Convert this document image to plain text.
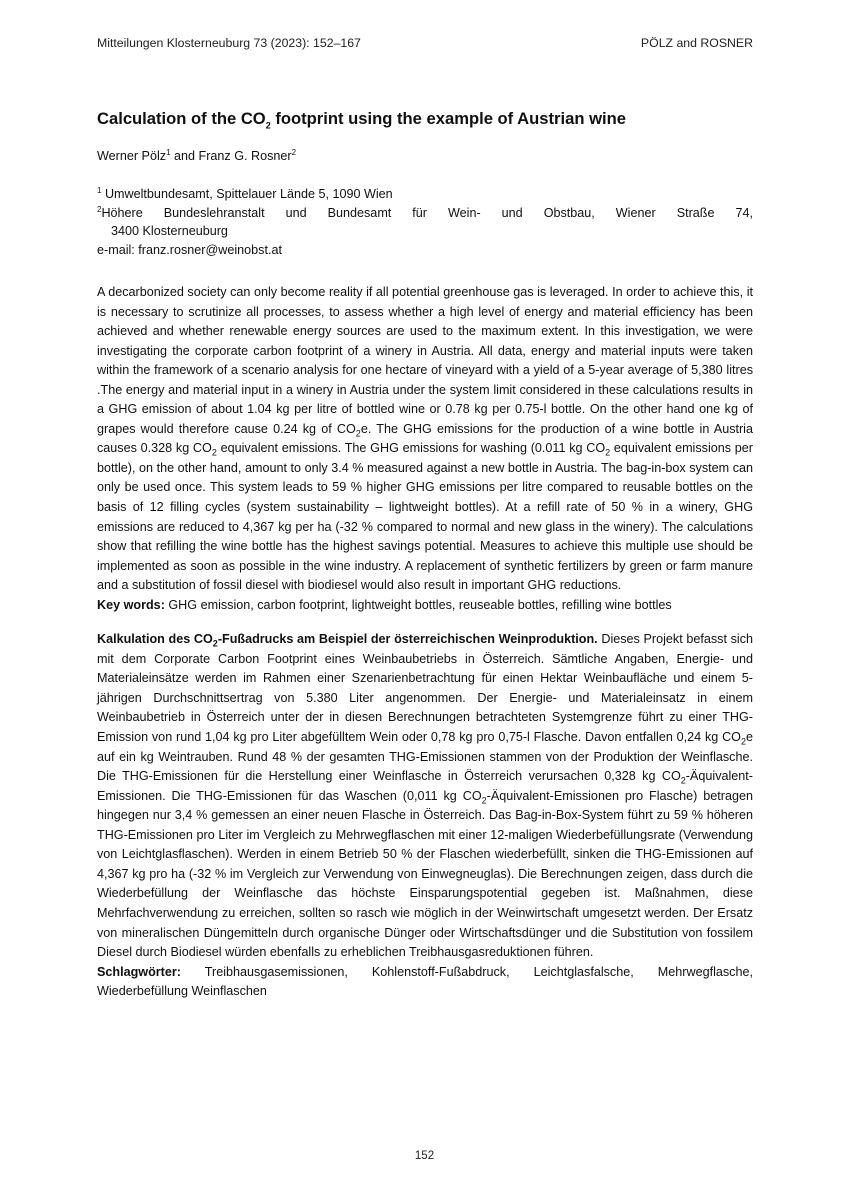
Mitteilungen Klosterneuburg 73 (2023): 152–167	PÖLZ and ROSNER
Calculation of the $CO_2$ footprint using the example of Austrian wine
Werner Pölz$^1$ and Franz G. Rosner$^2$
$^1$ Umweltbundesamt, Spittelauer Lände 5, 1090 Wien
$^2$Höhere Bundeslehranstalt und Bundesamt für Wein- und Obstbau, Wiener Straße 74,
3400 Klosterneuburg
e-mail: franz.rosner@weinobst.at
A decarbonized society can only become reality if all potential greenhouse gas is leveraged. In order to achieve this, it is necessary to scrutinize all processes, to assess whether a high level of energy and material efficiency has been achieved and whether renewable energy sources are used to the maximum extent. In this investigation, we were investigating the corporate carbon footprint of a winery in Austria. All data, energy and material inputs were taken within the framework of a scenario analysis for one hectare of vineyard with a yield of a 5-year average of 5,380 litres .The energy and material input in a winery in Austria under the system limit considered in these calculations results in a GHG emission of about 1.04 kg per litre of bottled wine or 0.78 kg per 0.75-l bottle. On the other hand one kg of grapes would therefore cause 0.24 kg of $CO_2e$. The GHG emissions for the production of a wine bottle in Austria causes 0.328 kg $CO_2$ equivalent emissions. The GHG emissions for washing (0.011 kg $CO_2$ equivalent emissions per bottle), on the other hand, amount to only 3.4 % measured against a new bottle in Austria. The bag-in-box system can only be used once. This system leads to 59 % higher GHG emissions per litre compared to reusable bottles on the basis of 12 filling cycles (system sustainability – lightweight bottles). At a refill rate of 50 % in a winery, GHG emissions are reduced to 4,367 kg per ha (-32 % compared to normal and new glass in the winery). The calculations show that refilling the wine bottle has the highest savings potential. Measures to achieve this multiple use should be implemented as soon as possible in the wine industry. A replacement of synthetic fertilizers by green or farm manure and a substitution of fossil diesel with biodiesel would also result in important GHG reductions.
Key words: GHG emission, carbon footprint, lightweight bottles, reuseable bottles, refilling wine bottles
Kalkulation des $CO_2$-Fußadrucks am Beispiel der österreichischen Weinproduktion. Dieses Projekt befasst sich mit dem Corporate Carbon Footprint eines Weinbaubetriebs in Österreich. Sämtliche Angaben, Energie- und Materialeinsätze werden im Rahmen einer Szenarienbetrachtung für einen Hektar Weinbaufläche und einem 5-jährigen Durchschnittsertrag von 5.380 Liter angenommen. Der Energie- und Materialeinsatz in einem Weinbaubetrieb in Österreich unter der in diesen Berechnungen betrachteten Systemgrenze führt zu einer THG-Emission von rund 1,04 kg pro Liter abgefülltem Wein oder 0,78 kg pro 0,75-l Flasche. Davon entfallen 0,24 kg $CO_2e$ auf ein kg Weintrauben. Rund 48 % der gesamten THG-Emissionen stammen von der Produktion der Weinflasche. Die THG-Emissionen für die Herstellung einer Weinflasche in Österreich verursachen 0,328 kg $CO_2-Äquivalent$-Emissionen. Die THG-Emissionen für das Waschen (0,011 kg $CO_2-Äquivalent$-Emissionen pro Flasche) betragen hingegen nur 3,4 % gemessen an einer neuen Flasche in Österreich. Das Bag-in-Box-System führt zu 59 % höheren THG-Emissionen pro Liter im Vergleich zu Mehrwegflaschen mit einer 12-maligen Wiederbefüllungsrate (Verwendung von Leichtglasflaschen). Werden in einem Betrieb 50 % der Flaschen wiederbefüllt, sinken die THG-Emissionen auf 4,367 kg pro ha (-32 % im Vergleich zur Verwendung von Einwegneuglas). Die Berechnungen zeigen, dass durch die Wiederbefüllung der Weinflasche das höchste Einsparungspotential gegeben ist. Maßnahmen, diese Mehrfachverwendung zu erreichen, sollten so rasch wie möglich in der Weinwirtschaft umgesetzt werden. Der Ersatz von mineralischen Düngemitteln durch organische Dünger oder Wirtschaftsdünger und die Substitution von fossilem Diesel durch Biodiesel würden ebenfalls zu erheblichen Treibhausgasreduktionen führen.
Schlagwörter: Treibhausgasemissionen, Kohlenstoff-Fußabdruck, Leichtglasfalsche, Mehrwegflasche, Wiederbefüllung Weinflaschen
152
